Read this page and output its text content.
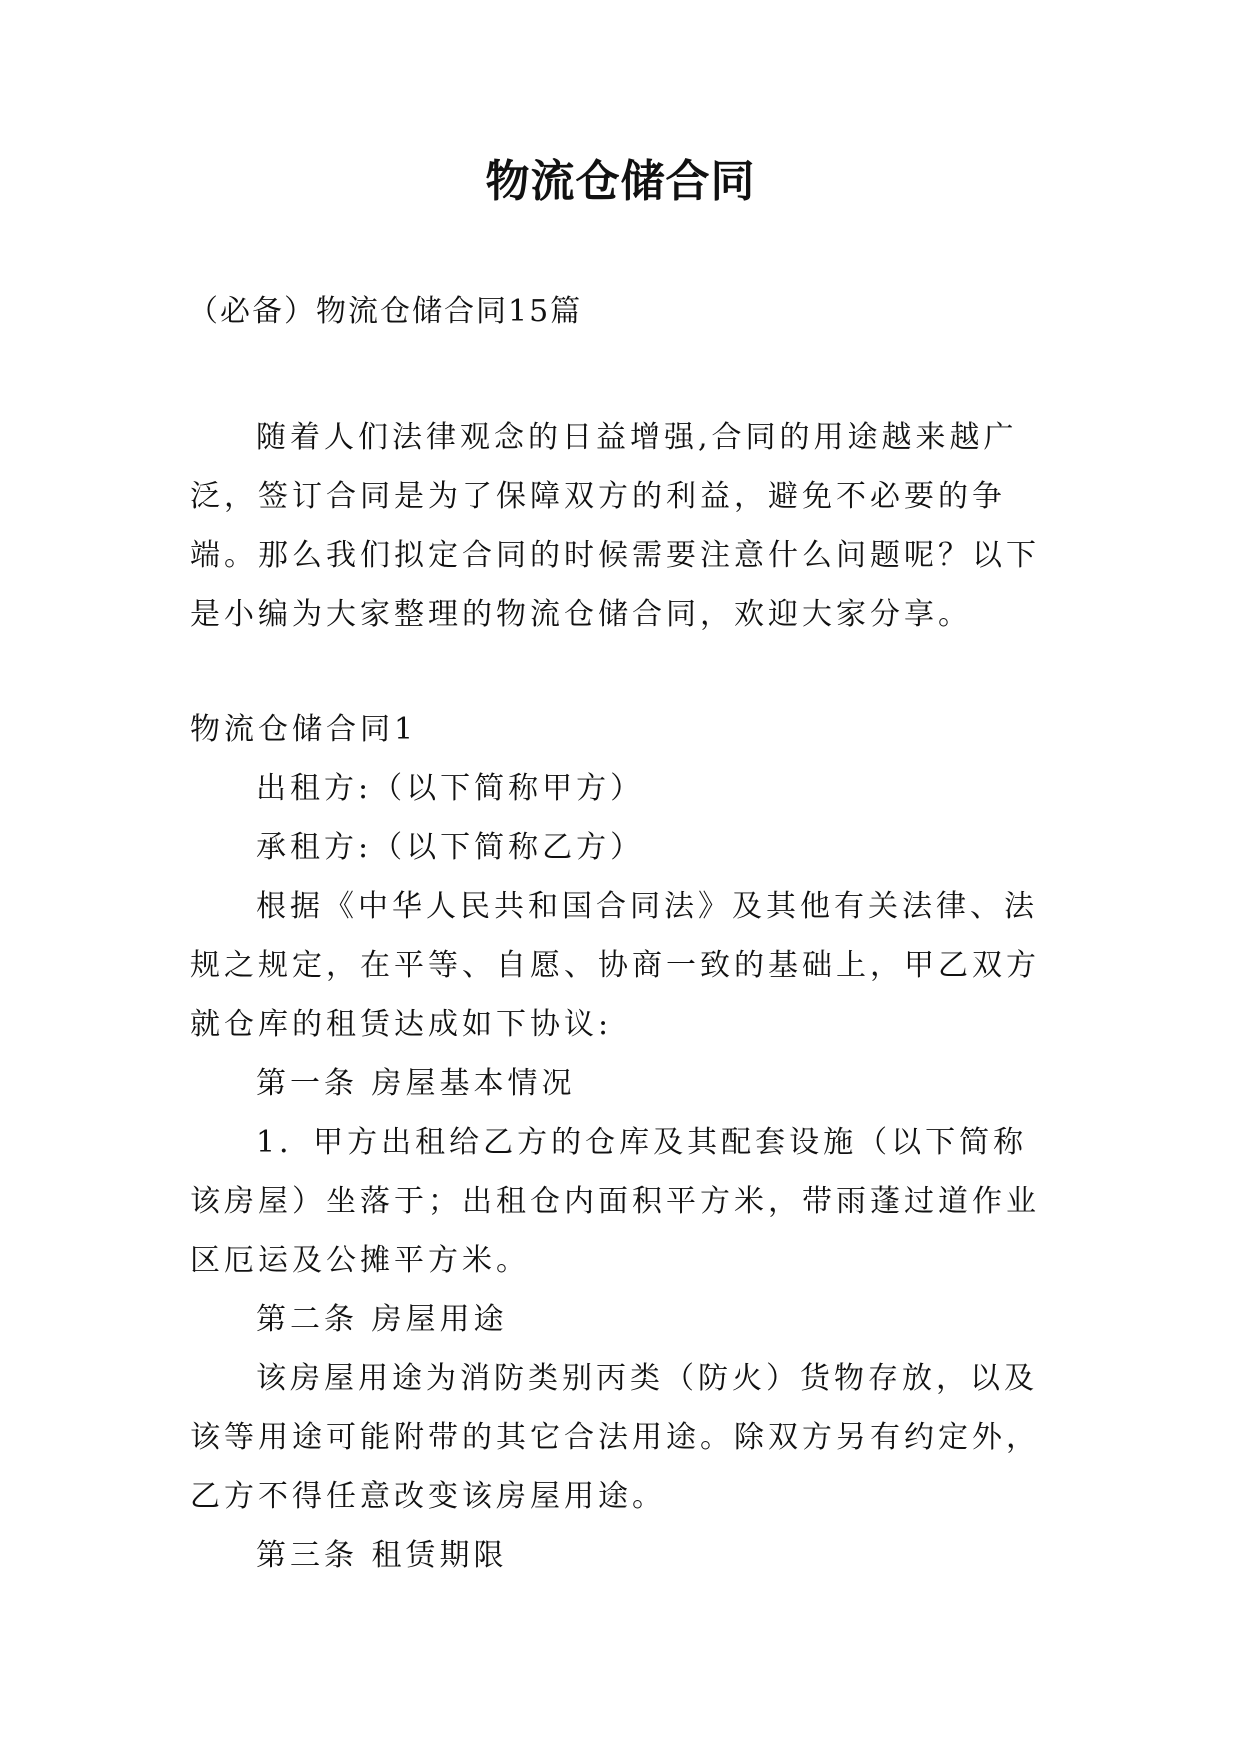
物流仓储合同
（必备）物流仓储合同15篇

随着人们法律观念的日益增强,合同的用途越来越广泛，签订合同是为了保障双方的利益，避免不必要的争端。那么我们拟定合同的时候需要注意什么问题呢？以下是小编为大家整理的物流仓储合同，欢迎大家分享。

物流仓储合同1

出租方:（以下简称甲方）

承租方:（以下简称乙方）

根据《中华人民共和国合同法》及其他有关法律、法规之规定，在平等、自愿、协商一致的基础上，甲乙双方就仓库的租赁达成如下协议:

第一条 房屋基本情况

1．甲方出租给乙方的仓库及其配套设施（以下简称该房屋）坐落于；出租仓内面积平方米，带雨蓬过道作业区厄运及公摊平方米。

第二条 房屋用途

该房屋用途为消防类别丙类（防火）货物存放，以及该等用途可能附带的其它合法用途。除双方另有约定外，乙方不得任意改变该房屋用途。

第三条 租赁期限
